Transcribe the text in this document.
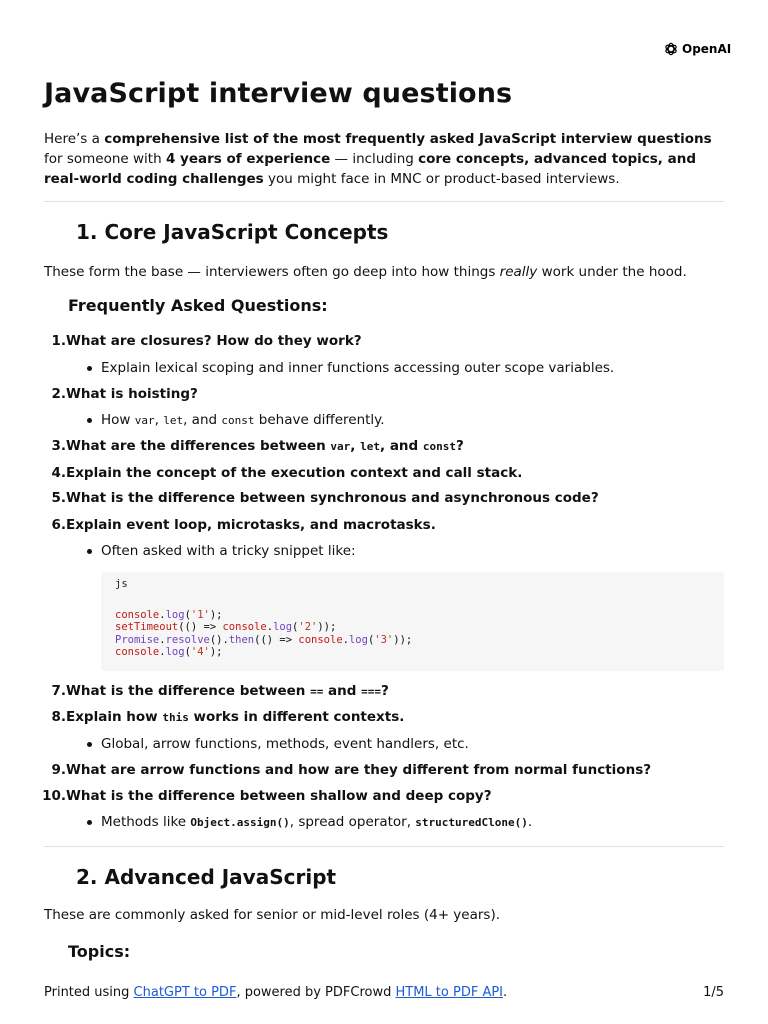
OpenAI
JavaScript interview questions

Here’s a comprehensive list of the most frequently asked JavaScript interview questions for someone with 4 years of experience — including core concepts, advanced topics, and real-world coding challenges you might face in MNC or product-based interviews.

1. Core JavaScript Concepts

These form the base — interviewers often go deep into how things really work under the hood.

Frequently Asked Questions:
1. What are closures? How do they work?
Explain lexical scoping and inner functions accessing outer scope variables.
2. What is hoisting?
How var, let, and const behave differently.
3. What are the differences between var, let, and const?
4. Explain the concept of the execution context and call stack.
5. What is the difference between synchronous and asynchronous code?
6. Explain event loop, microtasks, and macrotasks.
Often asked with a tricky snippet like:
js
console.log('1');
setTimeout(() => console.log('2'));
Promise.resolve().then(() => console.log('3'));
console.log('4');
7. What is the difference between == and ===?
8. Explain how this works in different contexts.
Global, arrow functions, methods, event handlers, etc.
9. What are arrow functions and how are they different from normal functions?
10. What is the difference between shallow and deep copy?
Methods like Object.assign(), spread operator, structuredClone().
2. Advanced JavaScript

These are commonly asked for senior or mid-level roles (4+ years).

Topics:
Printed using ChatGPT to PDF, powered by PDFCrowd HTML to PDF API.	1/5
